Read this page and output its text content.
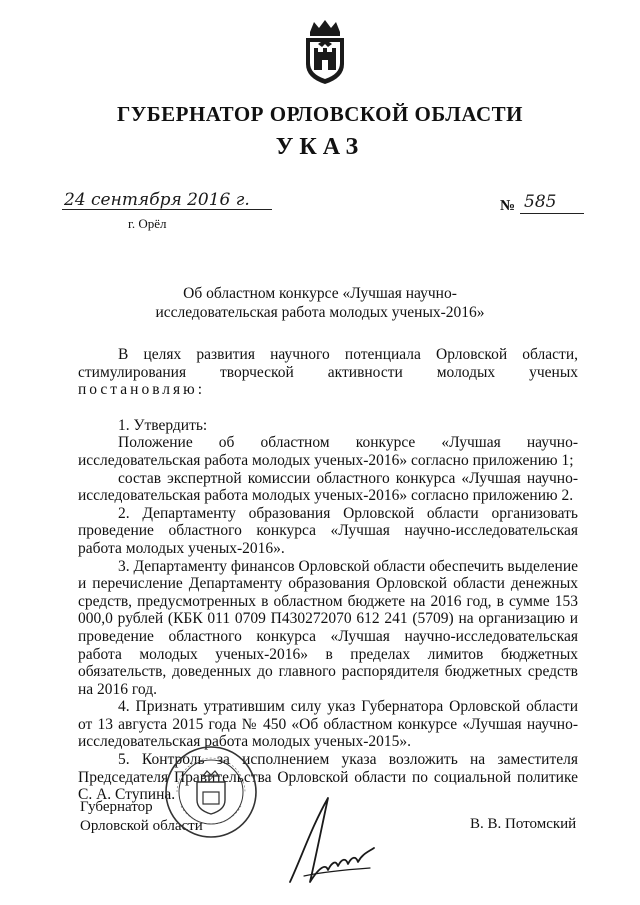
ГУБЕРНАТОР ОРЛОВСКОЙ ОБЛАСТИ
УКАЗ
24 сентября 2016 г.
г. Орёл
№ 585
Об областном конкурсе «Лучшая научно-
исследовательская работа молодых ученых-2016»

В целях развития научного потенциала Орловской области, стимулирования творческой активности молодых ученых постановляю:

1. Утвердить:

Положение об областном конкурсе «Лучшая научно-исследовательская работа молодых ученых-2016» согласно приложению 1;

состав экспертной комиссии областного конкурса «Лучшая научно-исследовательская работа молодых ученых-2016» согласно приложению 2.

2. Департаменту образования Орловской области организовать проведение областного конкурса «Лучшая научно-исследовательская работа молодых ученых-2016».

3. Департаменту финансов Орловской области обеспечить выделение и перечисление Департаменту образования Орловской области денежных средств, предусмотренных в областном бюджете на 2016 год, в сумме 153 000,0 рублей (КБК 011 0709 П430272070 612 241 (5709) на организацию и проведение областного конкурса «Лучшая научно-исследовательская работа молодых ученых-2016» в пределах лимитов бюджетных обязательств, доведенных до главного распорядителя бюджетных средств на 2016 год.

4. Признать утратившим силу указ Губернатора Орловской области от 13 августа 2015 года № 450 «Об областном конкурсе «Лучшая научно-исследовательская работа молодых ученых-2015».

5. Контроль за исполнением указа возложить на заместителя Председателя Правительства Орловской области по социальной политике С. А. Ступина.

Губернатор
Орловской области	В. В. Потомский
